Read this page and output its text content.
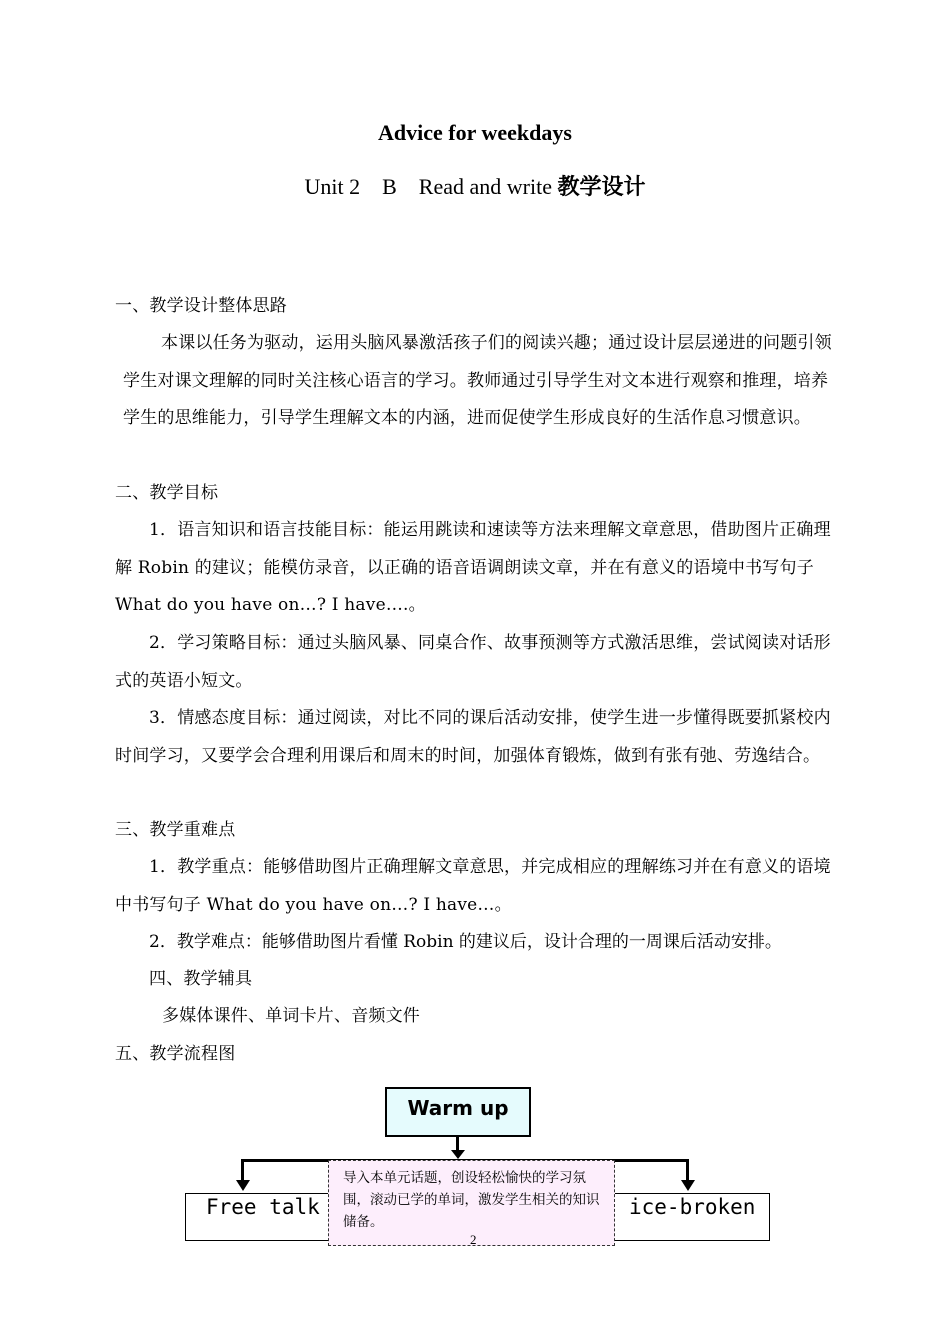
Advice for weekdays
Unit 2    B    Read and write 教学设计
一、教学设计整体思路
本课以任务为驱动，运用头脑风暴激活孩子们的阅读兴趣；通过设计层层递进的问题引领学生对课文理解的同时关注核心语言的学习。教师通过引导学生对文本进行观察和推理，培养学生的思维能力，引导学生理解文本的内涵，进而促使学生形成良好的生活作息习惯意识。
二、教学目标
1．语言知识和语言技能目标：能运用跳读和速读等方法来理解文章意思，借助图片正确理解 Robin 的建议；能模仿录音，以正确的语音语调朗读文章，并在有意义的语境中书写句子 What do you have on…? I have….。
2．学习策略目标：通过头脑风暴、同桌合作、故事预测等方式激活思维，尝试阅读对话形式的英语小短文。
3．情感态度目标：通过阅读，对比不同的课后活动安排，使学生进一步懂得既要抓紧校内时间学习，又要学会合理利用课后和周末的时间，加强体育锻炼，做到有张有弛、劳逸结合。
三、教学重难点
1．教学重点：能够借助图片正确理解文章意思，并完成相应的理解练习并在有意义的语境中书写句子 What do you have on…? I have…。
2．教学难点：能够借助图片看懂 Robin 的建议后，设计合理的一周课后活动安排。
四、教学辅具
多媒体课件、单词卡片、音频文件
五、教学流程图
Warm up
Free talk	ice-broken
导入本单元话题，创设轻松愉快的学习氛围，滚动已学的单词，激发学生相关的知识储备。
2
